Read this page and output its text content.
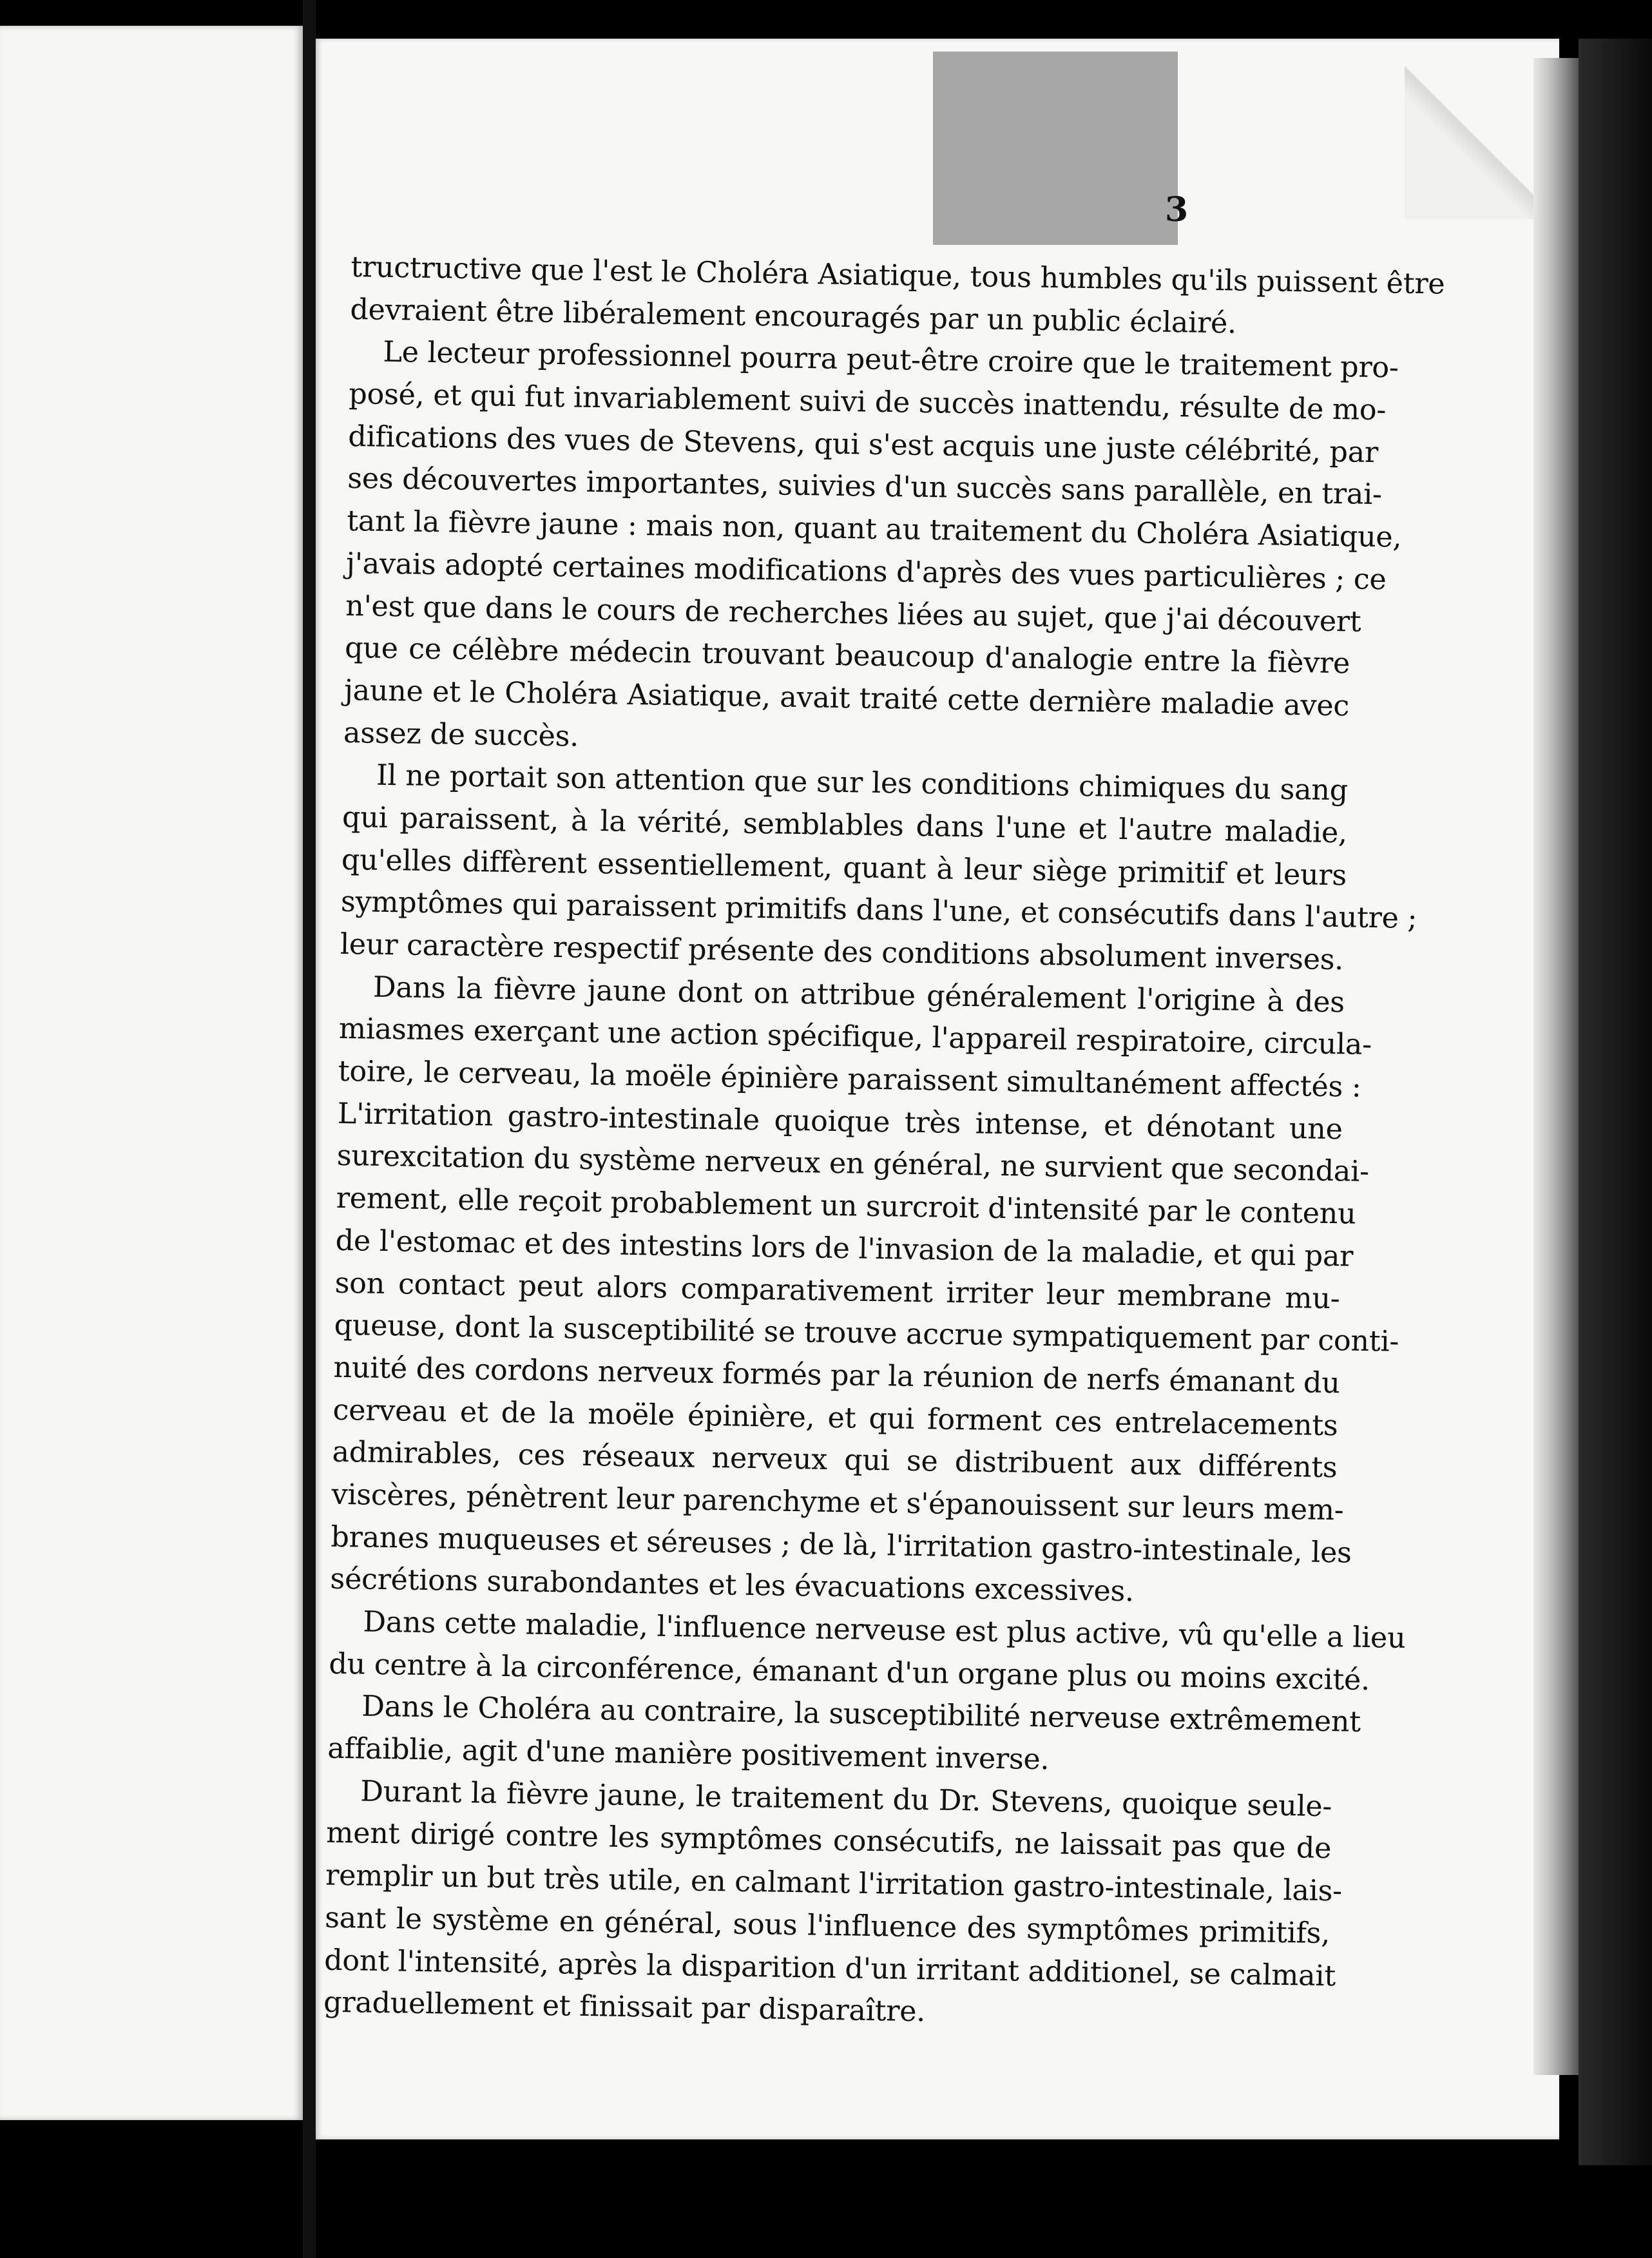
3
tructructive que l'est le Choléra Asiatique, tous humbles qu'ils puissent être
devraient être libéralement encouragés par un public éclairé.
Le lecteur professionnel pourra peut-être croire que le traitement pro-
posé, et qui fut invariablement suivi de succès inattendu, résulte de mo-
difications des vues de Stevens, qui s'est acquis une juste célébrité, par
ses découvertes importantes, suivies d'un succès sans parallèle, en trai-
tant la fièvre jaune : mais non, quant au traitement du Choléra Asiatique,
j'avais adopté certaines modifications d'après des vues particulières ; ce
n'est que dans le cours de recherches liées au sujet, que j'ai découvert
que ce célèbre médecin trouvant beaucoup d'analogie entre la fièvre
jaune et le Choléra Asiatique, avait traité cette dernière maladie avec
assez de succès.
Il ne portait son attention que sur les conditions chimiques du sang
qui paraissent, à la vérité, semblables dans l'une et l'autre maladie,
qu'elles diffèrent essentiellement, quant à leur siège primitif et leurs
symptômes qui paraissent primitifs dans l'une, et consécutifs dans l'autre ;
leur caractère respectif présente des conditions absolument inverses.
Dans la fièvre jaune dont on attribue généralement l'origine à des
miasmes exerçant une action spécifique, l'appareil respiratoire, circula-
toire, le cerveau, la moële épinière paraissent simultanément affectés :
L'irritation gastro-intestinale quoique très intense, et dénotant une
surexcitation du système nerveux en général, ne survient que secondai-
rement, elle reçoit probablement un surcroit d'intensité par le contenu
de l'estomac et des intestins lors de l'invasion de la maladie, et qui par
son contact peut alors comparativement irriter leur membrane mu-
queuse, dont la susceptibilité se trouve accrue sympatiquement par conti-
nuité des cordons nerveux formés par la réunion de nerfs émanant du
cerveau et de la moële épinière, et qui forment ces entrelacements
admirables, ces réseaux nerveux qui se distribuent aux différents
viscères, pénètrent leur parenchyme et s'épanouissent sur leurs mem-
branes muqueuses et séreuses ; de là, l'irritation gastro-intestinale, les
sécrétions surabondantes et les évacuations excessives.
Dans cette maladie, l'influence nerveuse est plus active, vû qu'elle a lieu
du centre à la circonférence, émanant d'un organe plus ou moins excité.
Dans le Choléra au contraire, la susceptibilité nerveuse extrêmement
affaiblie, agit d'une manière positivement inverse.
Durant la fièvre jaune, le traitement du Dr. Stevens, quoique seule-
ment dirigé contre les symptômes consécutifs, ne laissait pas que de
remplir un but très utile, en calmant l'irritation gastro-intestinale, lais-
sant le système en général, sous l'influence des symptômes primitifs,
dont l'intensité, après la disparition d'un irritant additionel, se calmait
graduellement et finissait par disparaître.
